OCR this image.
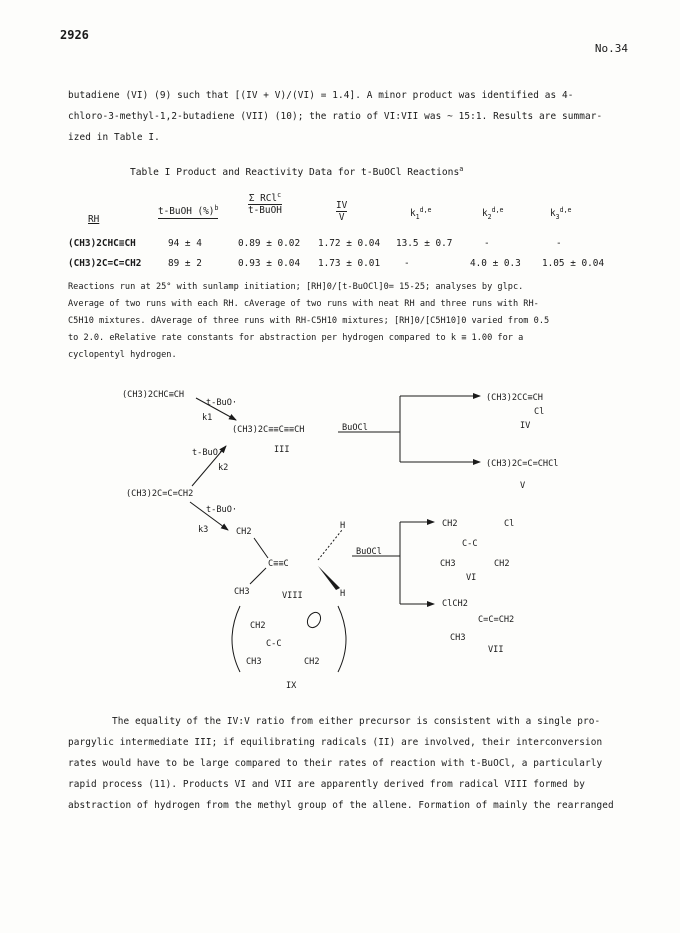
2926
No.34
butadiene (VI) (9) such that [(IV + V)/(VI) = 1.4]. A minor product was identified as 4-
chloro-3-methyl-1,2-butadiene (VII) (10); the ratio of VI:VII was ~ 15:1. Results are summar-
ized in Table I.
Table I Product and Reactivity Data for t-BuOCl Reactions$^a$
RH
t-BuOH (%)$^b$
Σ RCl$^c$
t-BuOH	IV
V	$k_1^{d,e}$	$k_2^{d,e}$	$k_3^{d,e}$
(CH3)2CHC≡CH	94 ± 4	0.89 ± 0.02 1.72 ± 0.04 13.5 ± 0.7	-	-
(CH3)2C=C=CH2	89 ± 2	0.93 ± 0.04 1.73 ± 0.01	-	4.0 ± 0.3 1.05 ± 0.04
Reactions run at 25° with sunlamp initiation; [RH]0/[t-BuOCl]0= 15-25; analyses by glpc.
Average of two runs with each RH. cAverage of two runs with neat RH and three runs with RH-
C5H10 mixtures. dAverage of three runs with RH-C5H10 mixtures; [RH]0/[C5H10]0 varied from 0.5
to 2.0. eRelative rate constants for abstraction per hydrogen compared to k ≡ 1.00 for a
cyclopentyl hydrogen.
(CH3)2CHC≡CH
t-BuO·
k1
(CH3)2C≡≡C≡≡CH
III
BuOCl
(CH3)2CC≡CH
Cl
IV
(CH3)2C=C=CHCl
V
t-BuO·
k2
(CH3)2C=C=CH2
t-BuO·
k3	CH2
C≡≡C
H
H
CH3	VIII
BuOCl
CH2	Cl
C-C
CH3	CH2
VI
ClCH2
C=C=CH2
CH3
VII
CH2
C-C
CH3	CH2
IX
The equality of the IV:V ratio from either precursor is consistent with a single pro-
pargylic intermediate III; if equilibrating radicals (II) are involved, their interconversion
rates would have to be large compared to their rates of reaction with t-BuOCl, a particularly
rapid process (11). Products VI and VII are apparently derived from radical VIII formed by
abstraction of hydrogen from the methyl group of the allene. Formation of mainly the rearranged
